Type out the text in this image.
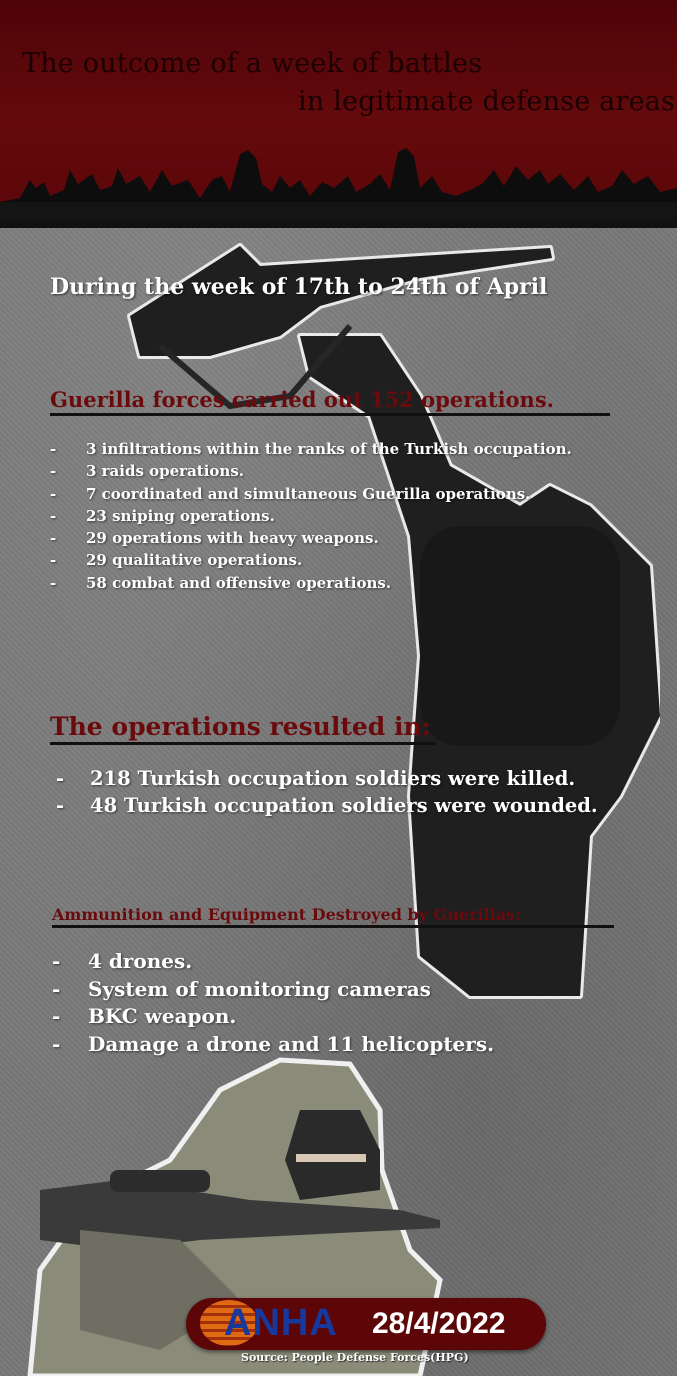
The outcome of a week of battles
in legitimate defense areas
During the week of 17th to 24th of April
Guerilla forces carried out 152 operations.
- 3 infiltrations within the ranks of the Turkish occupation.
- 3 raids operations.
- 7 coordinated and simultaneous Guerilla operations.
- 23 sniping operations.
- 29 operations with heavy weapons.
- 29 qualitative operations.
- 58 combat and offensive operations.
The operations resulted in:
- 218 Turkish occupation soldiers were killed.
- 48 Turkish occupation soldiers were wounded.
Ammunition and Equipment Destroyed by Guerillas:
- 4 drones.
- System of monitoring cameras
- BKC weapon.
- Damage a drone and 11 helicopters.
ANHA 28/4/2022
Source: People Defense Forces(HPG)
